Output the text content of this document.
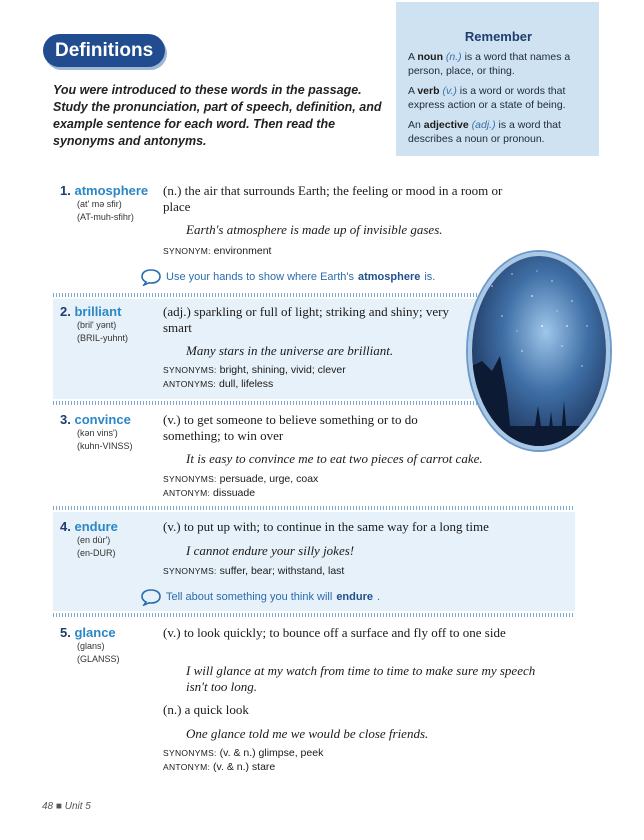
Definitions

You were introduced to these words in the passage. Study the pronunciation, part of speech, definition, and example sentence for each word. Then read the synonyms and antonyms.

Remember

A noun (n.) is a word that names a person, place, or thing.

A verb (v.) is a word or words that express action or a state of being.

An adjective (adj.) is a word that describes a noun or pronoun.

1. atmosphere
(at' mə sfir)
(AT-muh-sfihr)
(n.) the air that surrounds Earth; the feeling or mood in a room or place
Earth's atmosphere is made up of invisible gases.
SYNONYM: environment
Use your hands to show where Earth's atmosphere is.
2. brilliant
(bril' yənt)
(BRIL-yuhnt)
(adj.) sparkling or full of light; striking and shiny; very smart
Many stars in the universe are brilliant.
SYNONYMS: bright, shining, vivid; clever
ANTONYMS: dull, lifeless
3. convince
(kən vins')
(kuhn-VINSS)
(v.) to get someone to believe something or to do something; to win over
It is easy to convince me to eat two pieces of carrot cake.
SYNONYMS: persuade, urge, coax
ANTONYM: dissuade
4. endure
(en dùr')
(en-DUR)
(v.) to put up with; to continue in the same way for a long time
I cannot endure your silly jokes!
SYNONYMS: suffer, bear; withstand, last
Tell about something you think will endure .
5. glance
(glans)
(GLANSS)
(v.) to look quickly; to bounce off a surface and fly off to one side
I will glance at my watch from time to time to make sure my speech isn't too long.
(n.) a quick look
One glance told me we would be close friends.
SYNONYMS: (v. & n.) glimpse, peek
ANTONYM: (v. & n.) stare
48 ■ Unit 5
